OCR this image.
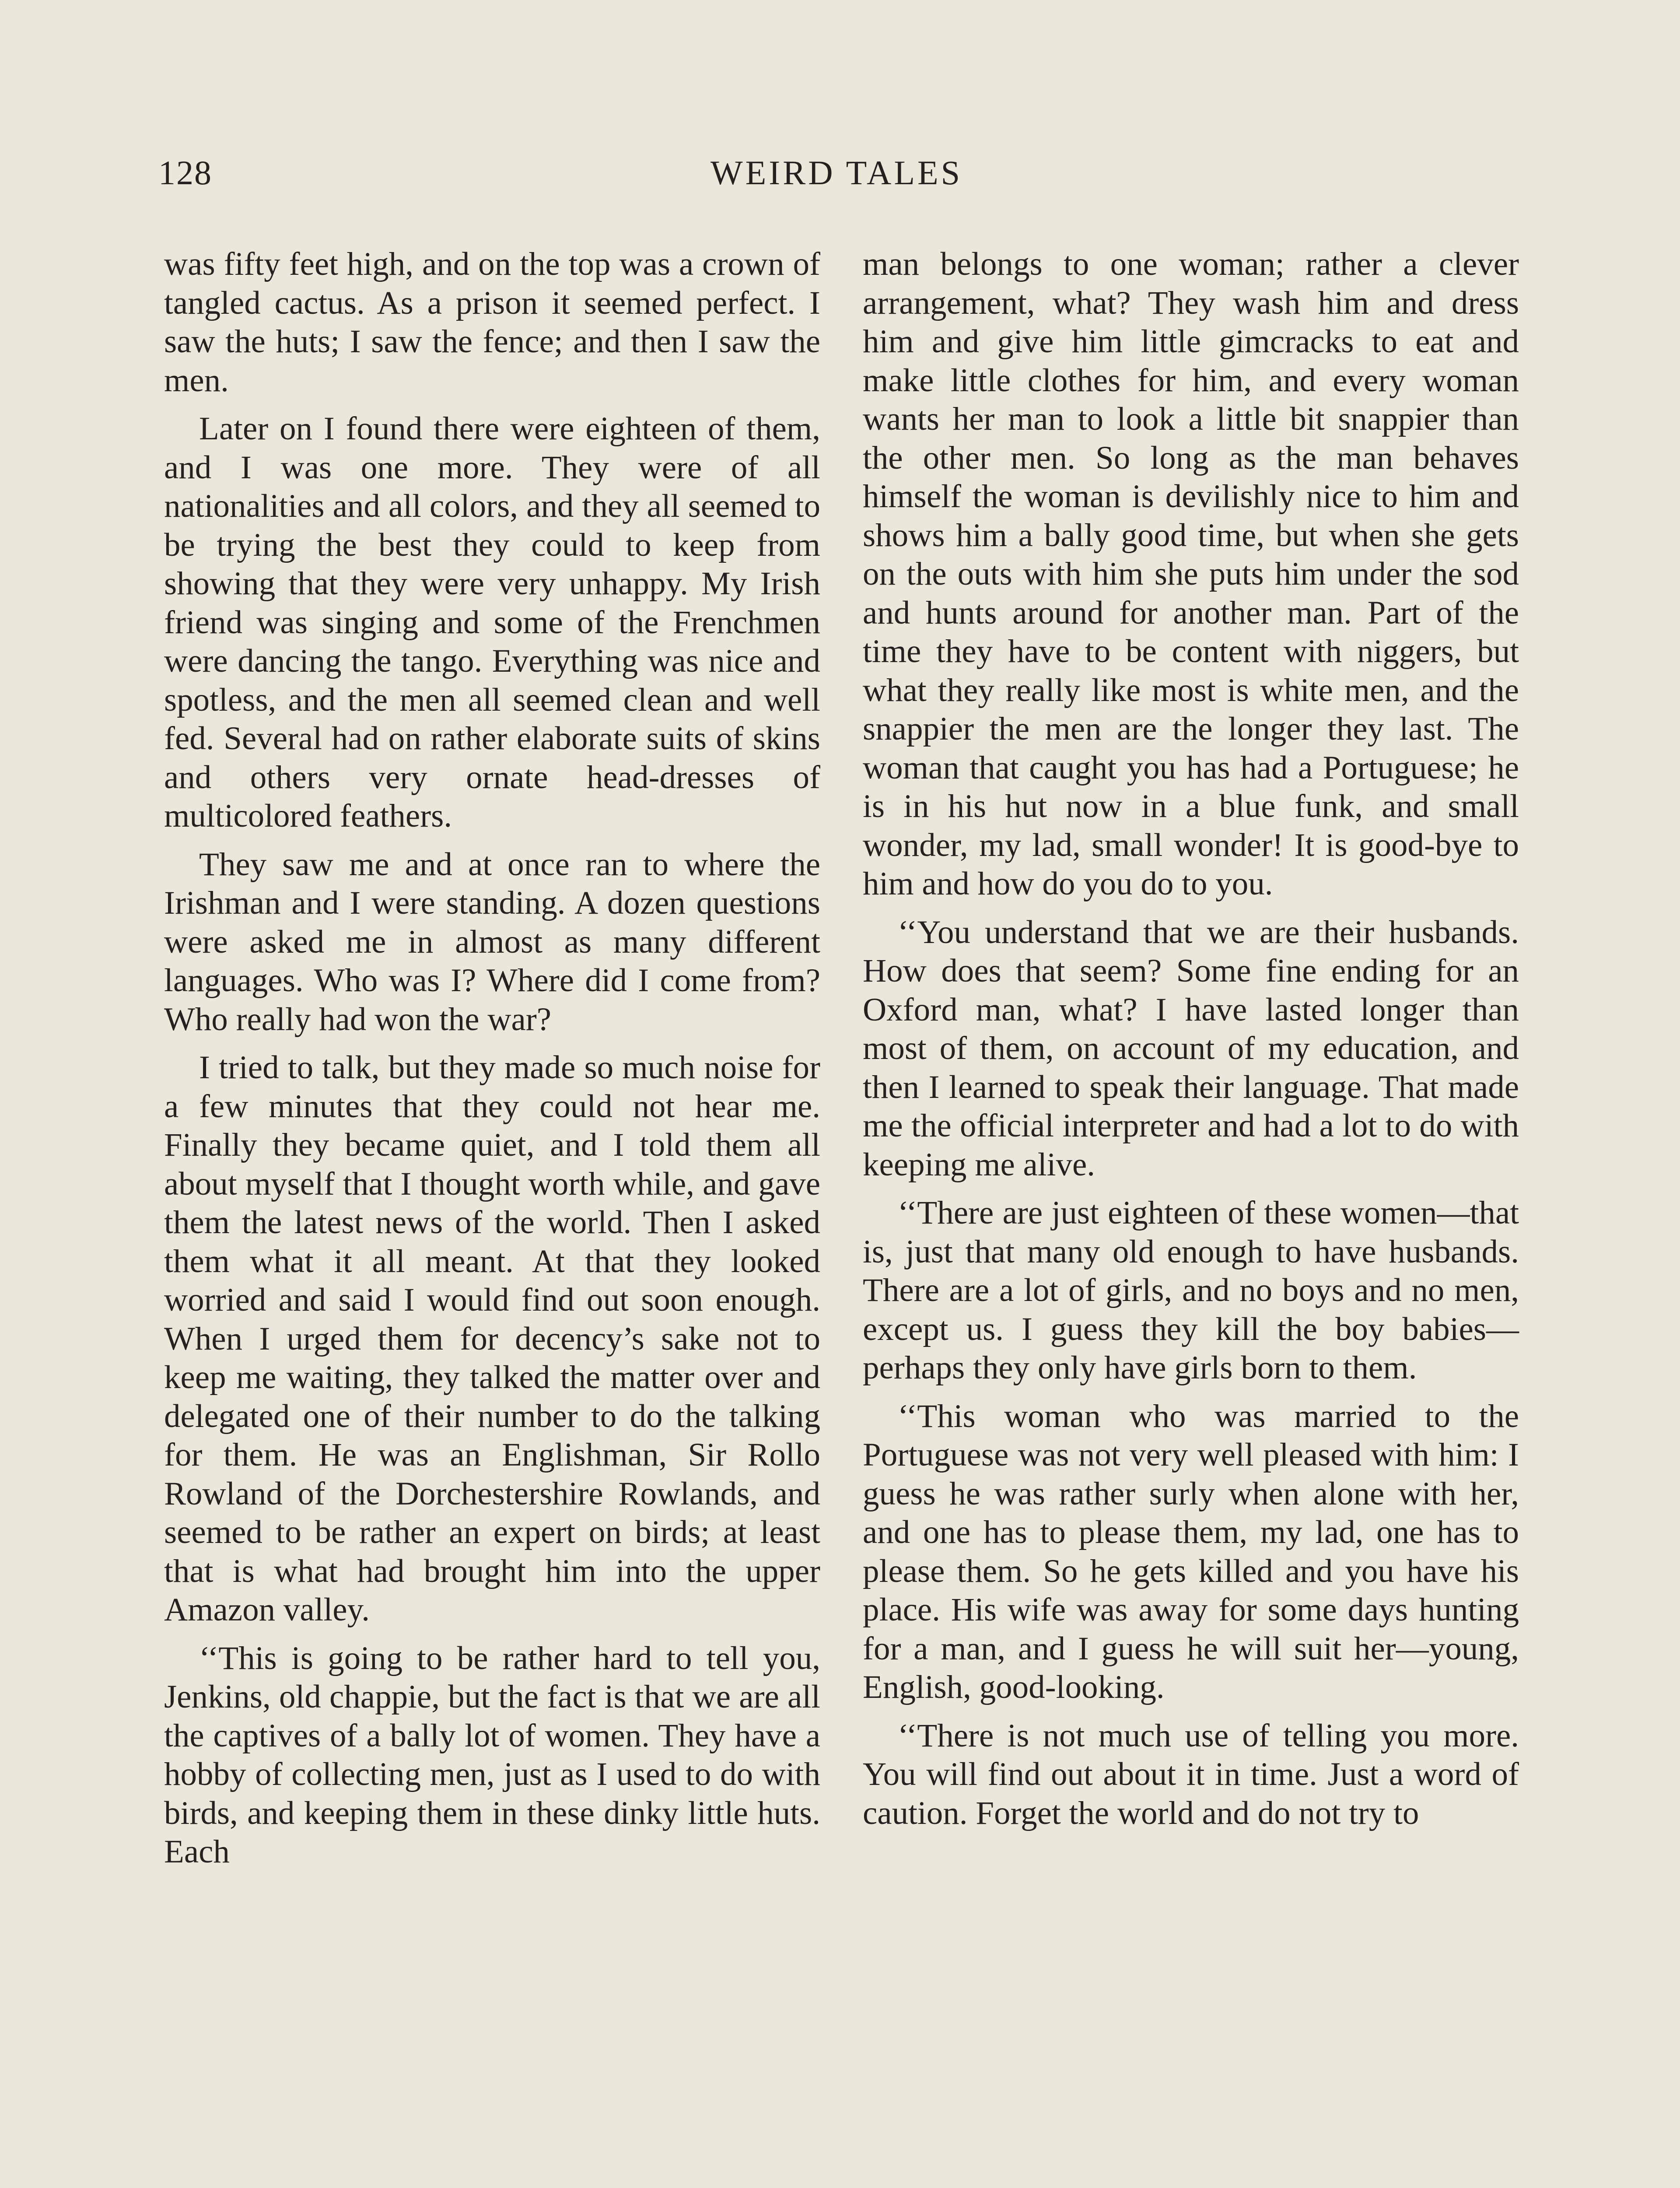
128	WEIRD TALES

was fifty feet high, and on the top was a crown of tangled cactus. As a prison it seemed perfect. I saw the huts; I saw the fence; and then I saw the men.

Later on I found there were eighteen of them, and I was one more. They were of all nationalities and all colors, and they all seemed to be trying the best they could to keep from showing that they were very unhappy. My Irish friend was singing and some of the Frenchmen were dancing the tango. Everything was nice and spotless, and the men all seemed clean and well fed. Several had on rather elaborate suits of skins and others very ornate head-dresses of multicolored feathers.

They saw me and at once ran to where the Irishman and I were standing. A dozen questions were asked me in almost as many different languages. Who was I? Where did I come from? Who really had won the war?

I tried to talk, but they made so much noise for a few minutes that they could not hear me. Finally they became quiet, and I told them all about myself that I thought worth while, and gave them the latest news of the world. Then I asked them what it all meant. At that they looked worried and said I would find out soon enough. When I urged them for decency’s sake not to keep me waiting, they talked the matter over and delegated one of their number to do the talking for them. He was an Englishman, Sir Rollo Rowland of the Dorchestershire Rowlands, and seemed to be rather an expert on birds; at least that is what had brought him into the upper Amazon valley.

‘‘This is going to be rather hard to tell you, Jenkins, old chappie, but the fact is that we are all the captives of a bally lot of women. They have a hobby of collecting men, just as I used to do with birds, and keeping them in these dinky little huts. Each

man belongs to one woman; rather a clever arrangement, what? They wash him and dress him and give him little gimcracks to eat and make little clothes for him, and every woman wants her man to look a little bit snappier than the other men. So long as the man behaves himself the woman is devilishly nice to him and shows him a bally good time, but when she gets on the outs with him she puts him under the sod and hunts around for another man. Part of the time they have to be content with niggers, but what they really like most is white men, and the snappier the men are the longer they last. The woman that caught you has had a Portuguese; he is in his hut now in a blue funk, and small wonder, my lad, small wonder! It is good-bye to him and how do you do to you.

‘‘You understand that we are their husbands. How does that seem? Some fine ending for an Oxford man, what? I have lasted longer than most of them, on account of my education, and then I learned to speak their language. That made me the official interpreter and had a lot to do with keeping me alive.

‘‘There are just eighteen of these women—that is, just that many old enough to have husbands. There are a lot of girls, and no boys and no men, except us. I guess they kill the boy babies—perhaps they only have girls born to them.

‘‘This woman who was married to the Portuguese was not very well pleased with him: I guess he was rather surly when alone with her, and one has to please them, my lad, one has to please them. So he gets killed and you have his place. His wife was away for some days hunting for a man, and I guess he will suit her—young, English, good-looking.

‘‘There is not much use of telling you more. You will find out about it in time. Just a word of caution. Forget the world and do not try to
